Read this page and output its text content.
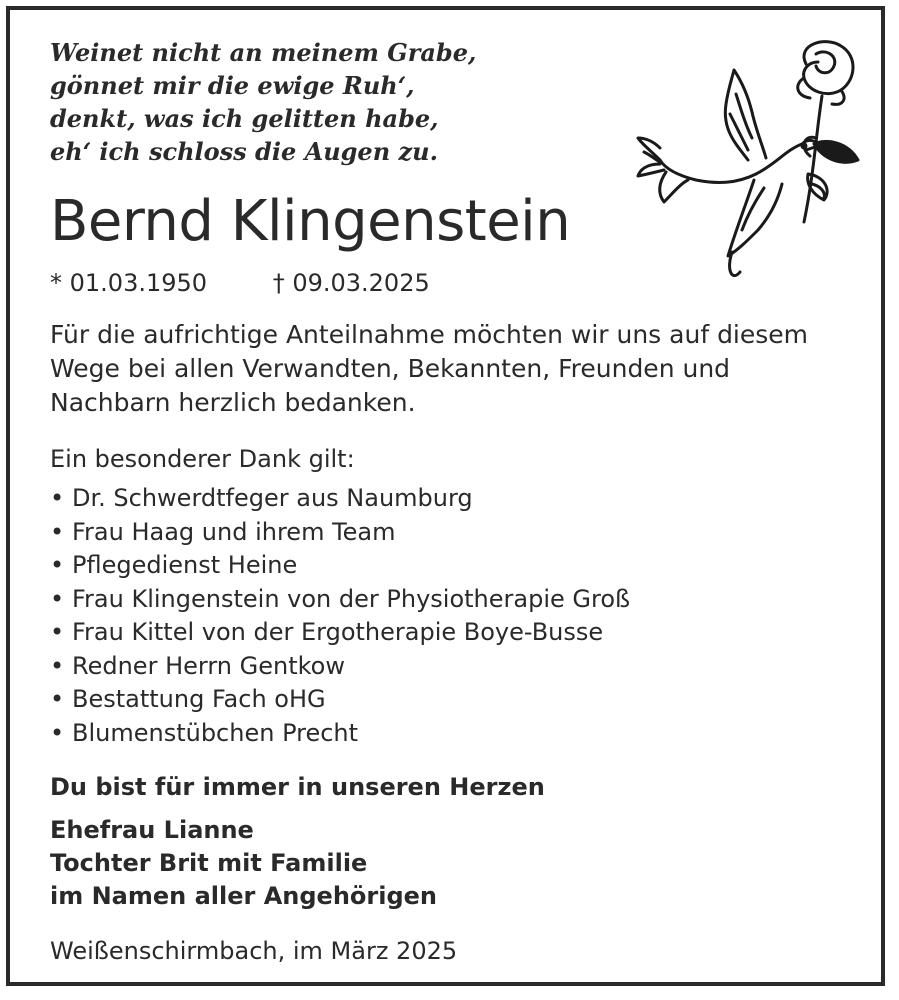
Weinet nicht an meinem Grabe,
gönnet mir die ewige Ruh‘,
denkt, was ich gelitten habe,
eh‘ ich schloss die Augen zu.
Bernd Klingenstein
* 01.03.1950	† 09.03.2025
Für die aufrichtige Anteilnahme möchten wir uns auf diesem Wege bei allen Verwandten, Bekannten, Freunden und Nachbarn herzlich bedanken.
Ein besonderer Dank gilt:
• Dr. Schwerdtfeger aus Naumburg
• Frau Haag und ihrem Team
• Pflegedienst Heine
• Frau Klingenstein von der Physiotherapie Groß
• Frau Kittel von der Ergotherapie Boye-Busse
• Redner Herrn Gentkow
• Bestattung Fach oHG
• Blumenstübchen Precht
Du bist für immer in unseren Herzen
Ehefrau Lianne
Tochter Brit mit Familie
im Namen aller Angehörigen
Weißenschirmbach, im März 2025
